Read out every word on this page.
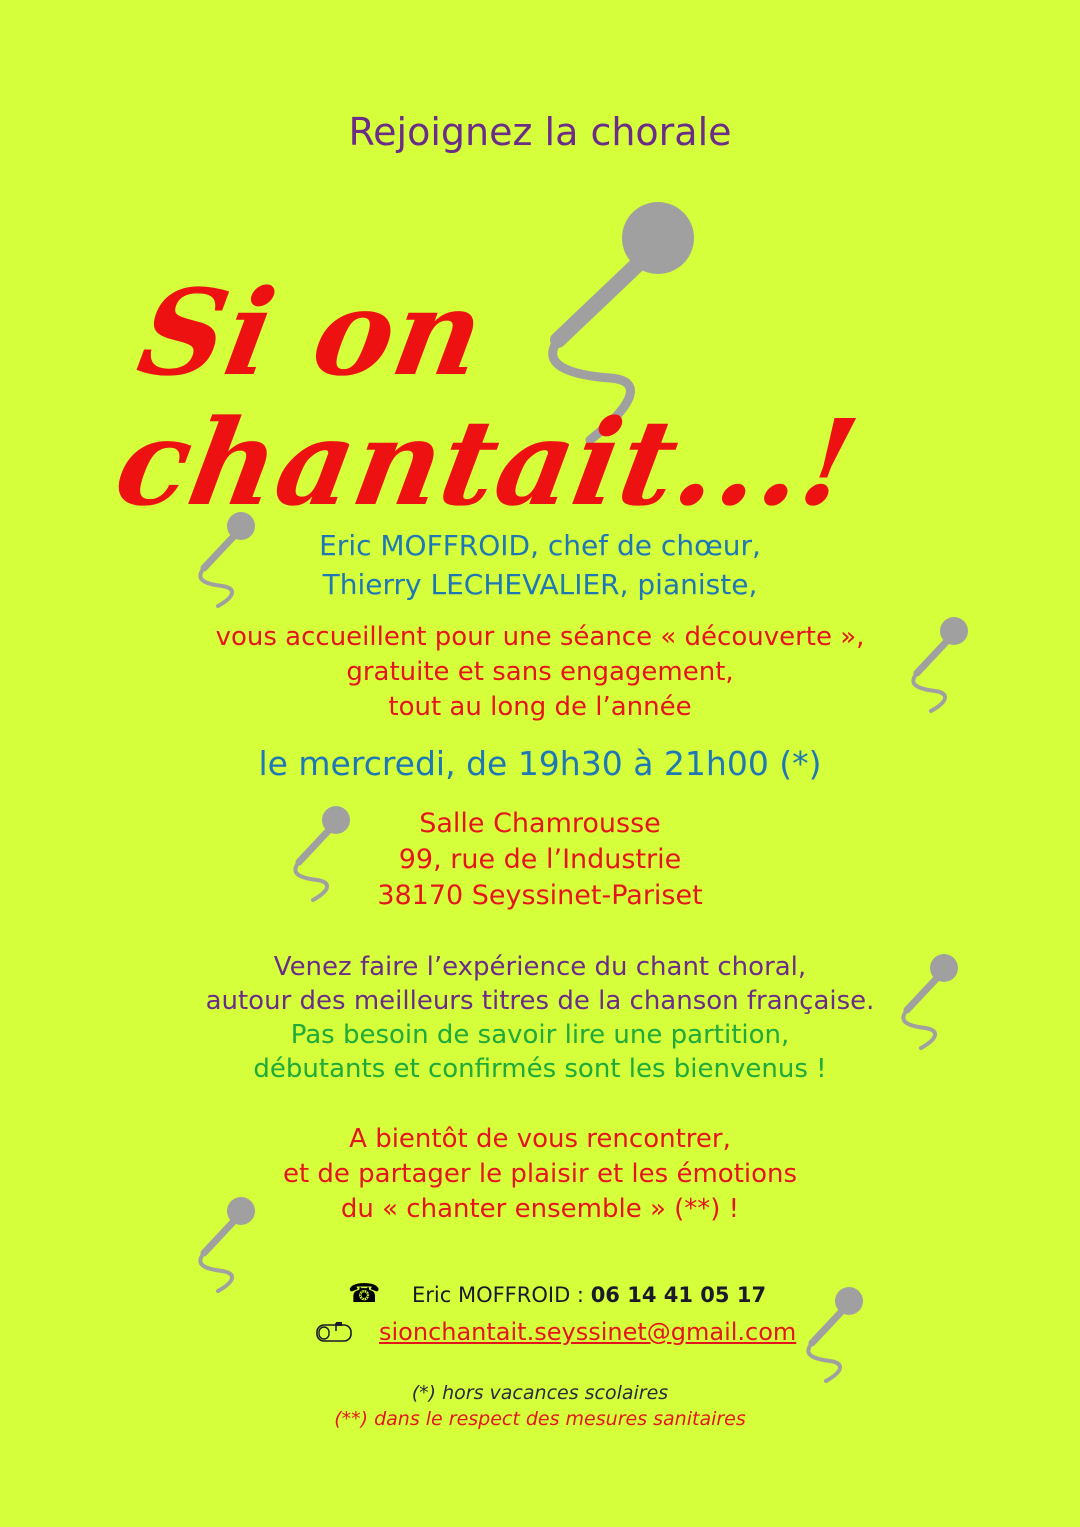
Rejoignez la chorale
Si on chantait...!
Eric MOFFROID, chef de chœur,
Thierry LECHEVALIER, pianiste,
vous accueillent pour une séance « découverte »,
gratuite et sans engagement,
tout au long de l’année
le mercredi, de 19h30 à 21h00 (*)
Salle Chamrousse
99, rue de l’Industrie
38170 Seyssinet-Pariset
Venez faire l’expérience du chant choral,
autour des meilleurs titres de la chanson française.
Pas besoin de savoir lire une partition,
débutants et confirmés sont les bienvenus !
A bientôt de vous rencontrer,
et de partager le plaisir et les émotions
du « chanter ensemble » (**) !
☎ Eric MOFFROID : 06 14 41 05 17
sionchantait.seyssinet@gmail.com
(*) hors vacances scolaires
(**) dans le respect des mesures sanitaires
